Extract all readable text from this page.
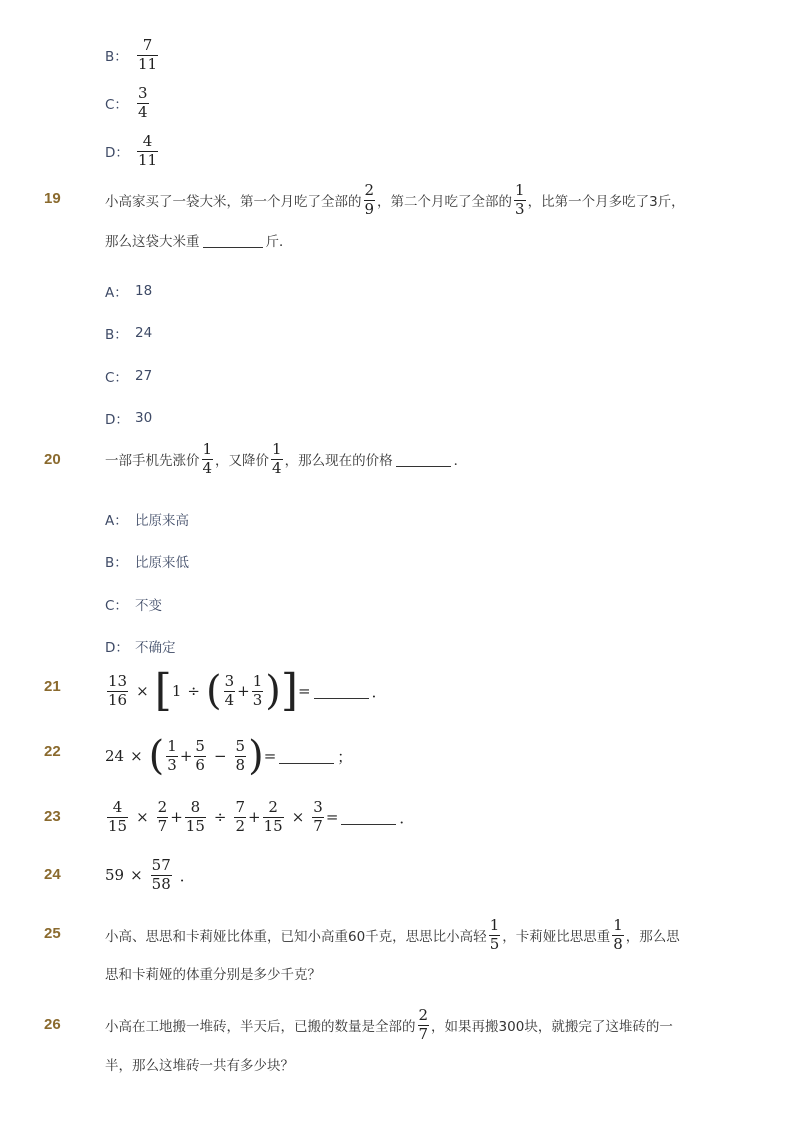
B： $\frac{7}{11}$
C： $\frac{3}{4}$
D： $\frac{4}{11}$
19	小高家买了一袋大米，第一个月吃了全部的 $\frac{2}{9}$ ，第二个月吃了全部的 $\frac{1}{3}$ ，比第一个月多吃了3斤，
那么这袋大米重	斤．
A： 18
B： 24
C： 27
D： 30
20	一部手机先涨价 $\frac{1}{4}$ ，又降价 $\frac{1}{4}$ ，那么现在的价格	．
A： 比原来高
B： 比原来低
C： 不变
D： 不确定
21	$\frac{13}{16}$ × [ 1 ÷ ( $\frac{3}{4} + \frac{1}{3}$ ) ] =	．
22	24 × ( $\frac{1}{3} + \frac{5}{6} - \frac{5}{8}$ ) =	；
23	$\frac{4}{15} \times \frac{2}{7} + \frac{8}{15} \div \frac{7}{2} + \frac{2}{15} \times \frac{3}{7}$ =	．
24	$59 \times \frac{57}{58}$ ．
25	小高、思思和卡莉娅比体重，已知小高重60千克，思思比小高轻 $\frac{1}{5}$ ，卡莉娅比思思重 $\frac{1}{8}$ ，那么思
思和卡莉娅的体重分别是多少千克？
26	小高在工地搬一堆砖，半天后，已搬的数量是全部的 $\frac{2}{7}$ ，如果再搬300块，就搬完了这堆砖的一
半，那么这堆砖一共有多少块？
